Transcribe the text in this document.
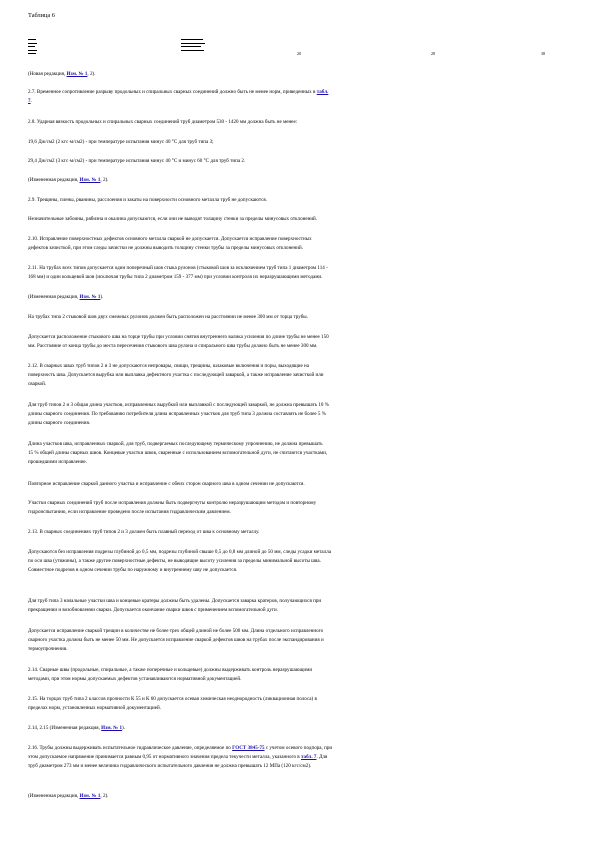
Таблица 6
20	28	38

(Новая редакция, Изм. № 1, 2).

2.7. Временное сопротивление разрыву продольных и спиральных сварных соединений должно быть не менее норм, приведенных в табл.
7.

2.8. Ударная вязкость продольных и спиральных сварных соединений труб диаметром 530 - 1420 мм должна быть не менее:

19,6 Дж/см2 (2 кгс·м/см2) - при температуре испытания минус 40 °С для труб типа 3;

29,4 Дж/см2 (3 кгс·м/см2) - при температуре испытания минус 40 °С и минус 60 °С для труб типа 2.

(Измененная редакция, Изм. № 1, 2).

2.9. Трещины, плены, рванины, расслоения и закаты на поверхности основного металла труб не допускаются.

Незначительные забоины, рябизна и окалина допускаются, если они не выводят толщину стенки за пределы минусовых отклонений.

2.10. Исправление поверхностных дефектов основного металла сваркой не допускается. Допускается исправление поверхностных
дефектов зачисткой, при этом следы зачистки не должны выводить толщину стенки трубы за пределы минусовых отклонений.

2.11. На трубах всех типов допускается один поперечный шов стыка рулонов (стыковой шов за исключением труб типа 1 диаметром 114 -
168 мм) и один кольцевой шов (исключая трубы типа 2 диаметром 159 - 377 мм) при условии контроля их неразрушающими методами.

(Измененная редакция, Изм. № 1).

На трубах типа 2 стыковой шов двух смежных рулонов должен быть расположен на расстоянии не менее 300 мм от торца трубы.

Допускается расположение стыкового шва на торце трубы при условии снятия внутреннего валика усиления по длине трубы не менее 150
мм. Расстояние от конца трубы до места пересечения стыкового шва рулона и спирального шва трубы должно быть не менее 300 мм.

2.12. В сварных швах труб типов 2 и 3 не допускаются непровары, свищи, трещины, шлаковые включения и поры, выходящие на
поверхность шва. Допускается вырубка или выплавка дефектного участка с последующей заваркой, а также исправление зачисткой или
сваркой.

Для труб типов 2 и 3 общая длина участков, исправленных вырубкой или выплавкой с последующей заваркой, не должна превышать 10 %
длины сварного соединения. По требованию потребителя длина исправленных участков для труб типа 3 должна составлять не более 5 %
длины сварного соединения.

Длина участков шва, исправленных сваркой, для труб, подвергаемых последующему термическому упрочнению, не должна превышать
15 % общей длины сварных швов. Концевые участки швов, сваренные с использованием вспомогательной дуги, не считаются участками,
прошедшими исправление.

Повторное исправление сваркой данного участка и исправление с обеих сторон сварного шва в одном сечении не допускаются.

Участки сварных соединений труб после исправления должны быть подвергнуты контролю неразрушающим методом и повторному
гидроиспытанию, если исправление проведено после испытания гидравлическим давлением.

2.13. В сварных соединениях труб типов 2 и 3 должен быть плавный переход от шва к основному металлу.

Допускаются без исправления подрезы глубиной до 0,5 мм, подрезы глубиной свыше 0,5 до 0,8 мм длиной до 50 мм, следы усадки металла
по оси шва (утяжины), а также другие поверхностные дефекты, не выводящие высоту усиления за пределы минимальной высоты шва.
Совместное подрезов в одном сечении трубы по наружному и внутреннему шву не допускается.

Для труб типа 3 начальные участки шва и концевые кратеры должны быть удалены. Допускается заварка кратеров, получающихся при
прекращении и возобновлении сварки. Допускается окончание сварки швов с применением вспомогательной дуги.

Допускается исправление сваркой трещин в количестве не более трех общей длиной не более 500 мм. Длина отдельного исправленного
сварного участка должна быть не менее 50 мм. Не допускается исправление сваркой дефектов швов на трубах после экспандирования и
термоупрочнения.

2.14. Сварные швы (продольные, спиральные, а также поперечные и кольцевые) должны выдерживать контроль неразрушающими
методами, при этом нормы допускаемых дефектов устанавливаются нормативной документацией.

2.15. На торцах труб типа 2 классов прочности К 55 и К 60 допускается осевая химическая неоднородность (ликвационная полоса) в
пределах норм, установленных нормативной документацией.

2.14, 2.15 (Измененная редакция, Изм. № 1).

2.16. Трубы должны выдерживать испытательное гидравлическое давление, определяемое по ГОСТ 3845-75 с учетом осевого подпора, при
этом допускаемое напряжение принимается равным 0,95 от нормативного значения предела текучести металла, указанного в табл. 7. Для
труб диаметром 273 мм и менее величина гидравлического испытательного давления не должна превышать 12 МПа (120 кгс/см2).

(Измененная редакция, Изм. № 1, 2).
